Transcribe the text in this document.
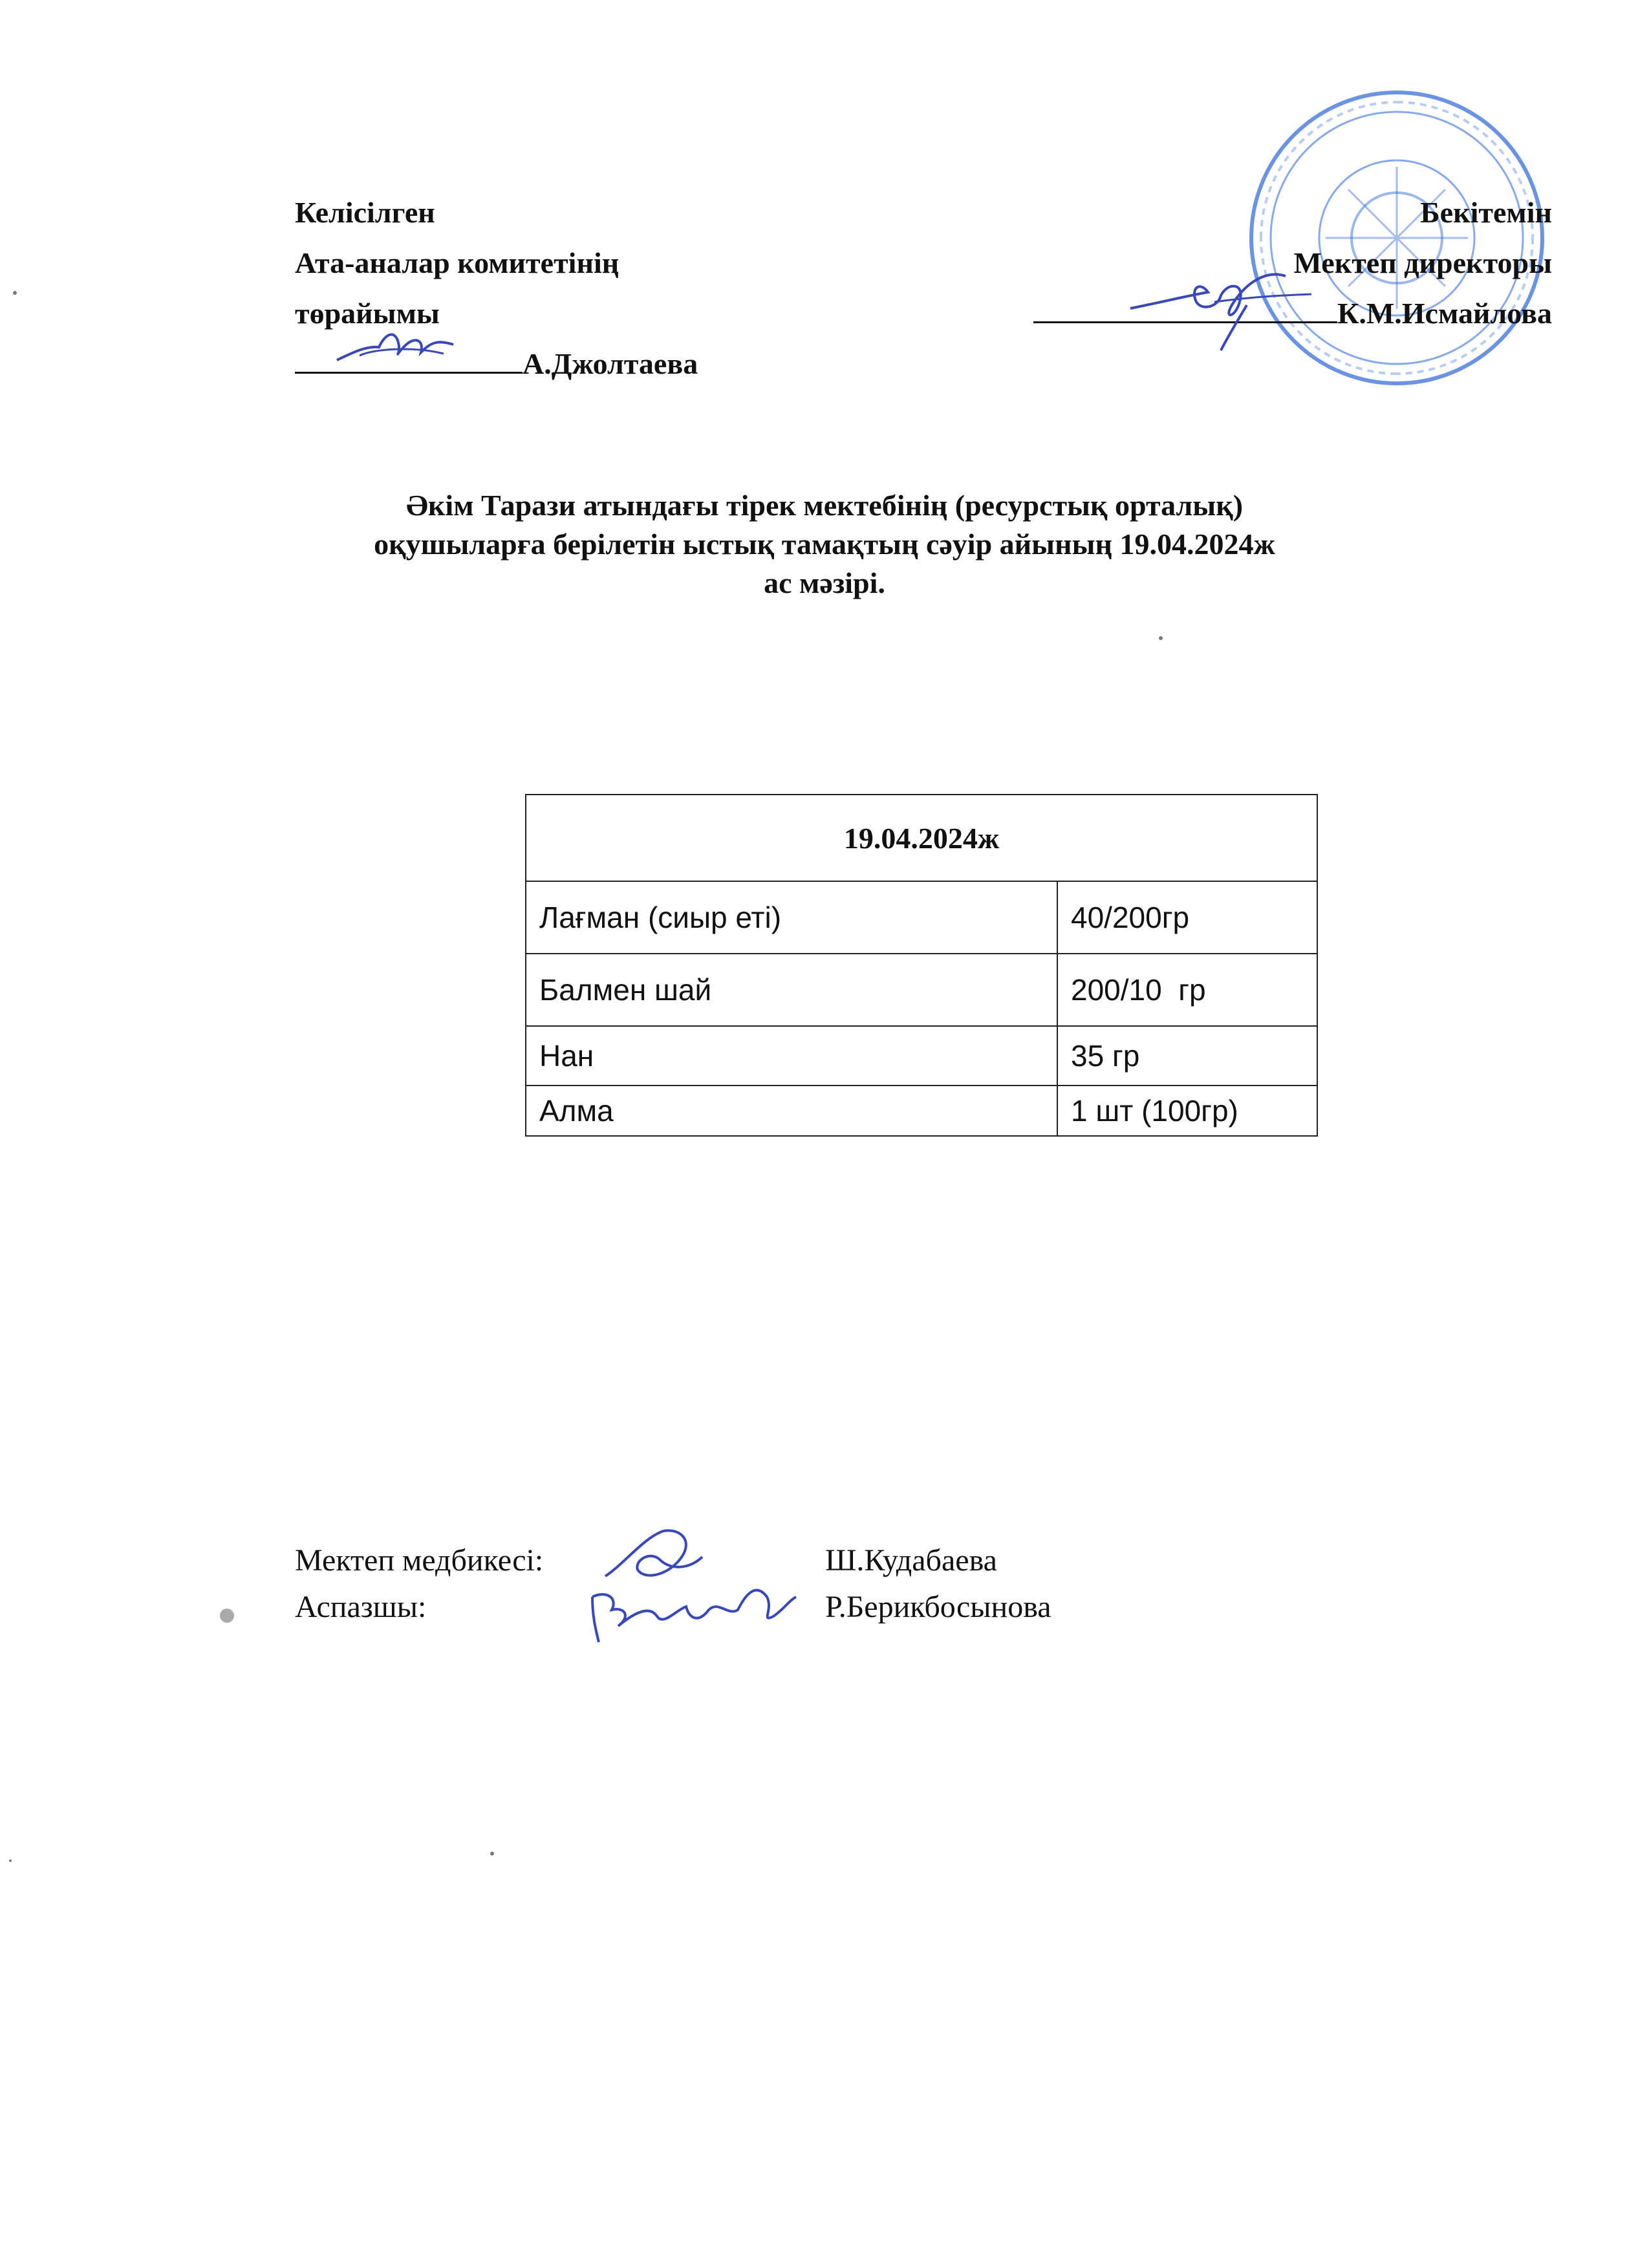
Келісілген
Ата-аналар комитетінің
төрайымы
А.Джолтаева
Бекітемін
Мектеп директоры
К.М.Исмайлова
Әкім Тарази атындағы тірек мектебінің (ресурстық орталық)
оқушыларға берілетін ыстық тамақтың сәуір айының 19.04.2024ж
ас мәзірі.
19.04.2024ж	
Лағман (сиыр еті)	40/200гр
Балмен шай	200/10  гр
Нан	35 гр
Алма	1 шт (100гр)
Мектеп медбикесі:	Ш.Кудабаева
Аспазшы:	Р.Берикбосынова
